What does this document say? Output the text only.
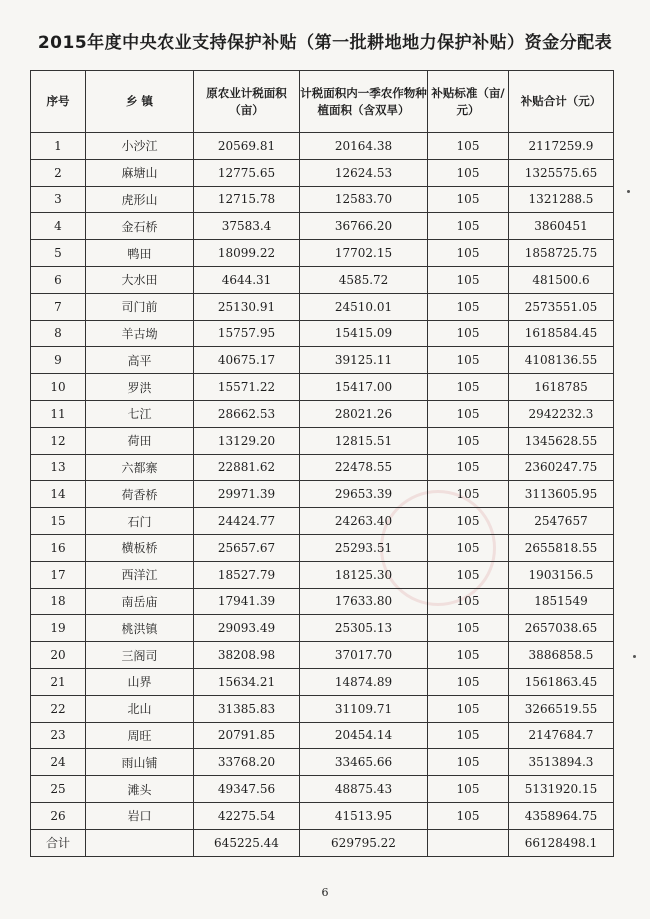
2015年度中央农业支持保护补贴（第一批耕地地力保护补贴）资金分配表
序号	乡 镇	原农业计税面积（亩）	计税面积内一季农作物种植面积（含双旱）	补贴标准（亩/元）	补贴合计（元）
1	小沙江	20569.81	20164.38	105	2117259.9
2	麻塘山	12775.65	12624.53	105	1325575.65
3	虎形山	12715.78	12583.70	105	1321288.5
4	金石桥	37583.4	36766.20	105	3860451
5	鸭田	18099.22	17702.15	105	1858725.75
6	大水田	4644.31	4585.72	105	481500.6
7	司门前	25130.91	24510.01	105	2573551.05
8	羊古坳	15757.95	15415.09	105	1618584.45
9	高平	40675.17	39125.11	105	4108136.55
10	罗洪	15571.22	15417.00	105	1618785
11	七江	28662.53	28021.26	105	2942232.3
12	荷田	13129.20	12815.51	105	1345628.55
13	六都寨	22881.62	22478.55	105	2360247.75
14	荷香桥	29971.39	29653.39	105	3113605.95
15	石门	24424.77	24263.40	105	2547657
16	横板桥	25657.67	25293.51	105	2655818.55
17	西洋江	18527.79	18125.30	105	1903156.5
18	南岳庙	17941.39	17633.80	105	1851549
19	桃洪镇	29093.49	25305.13	105	2657038.65
20	三阁司	38208.98	37017.70	105	3886858.5
21	山界	15634.21	14874.89	105	1561863.45
22	北山	31385.83	31109.71	105	3266519.55
23	周旺	20791.85	20454.14	105	2147684.7
24	雨山铺	33768.20	33465.66	105	3513894.3
25	滩头	49347.56	48875.43	105	5131920.15
26	岩口	42275.54	41513.95	105	4358964.75
合计		645225.44	629795.22		66128498.1
6
